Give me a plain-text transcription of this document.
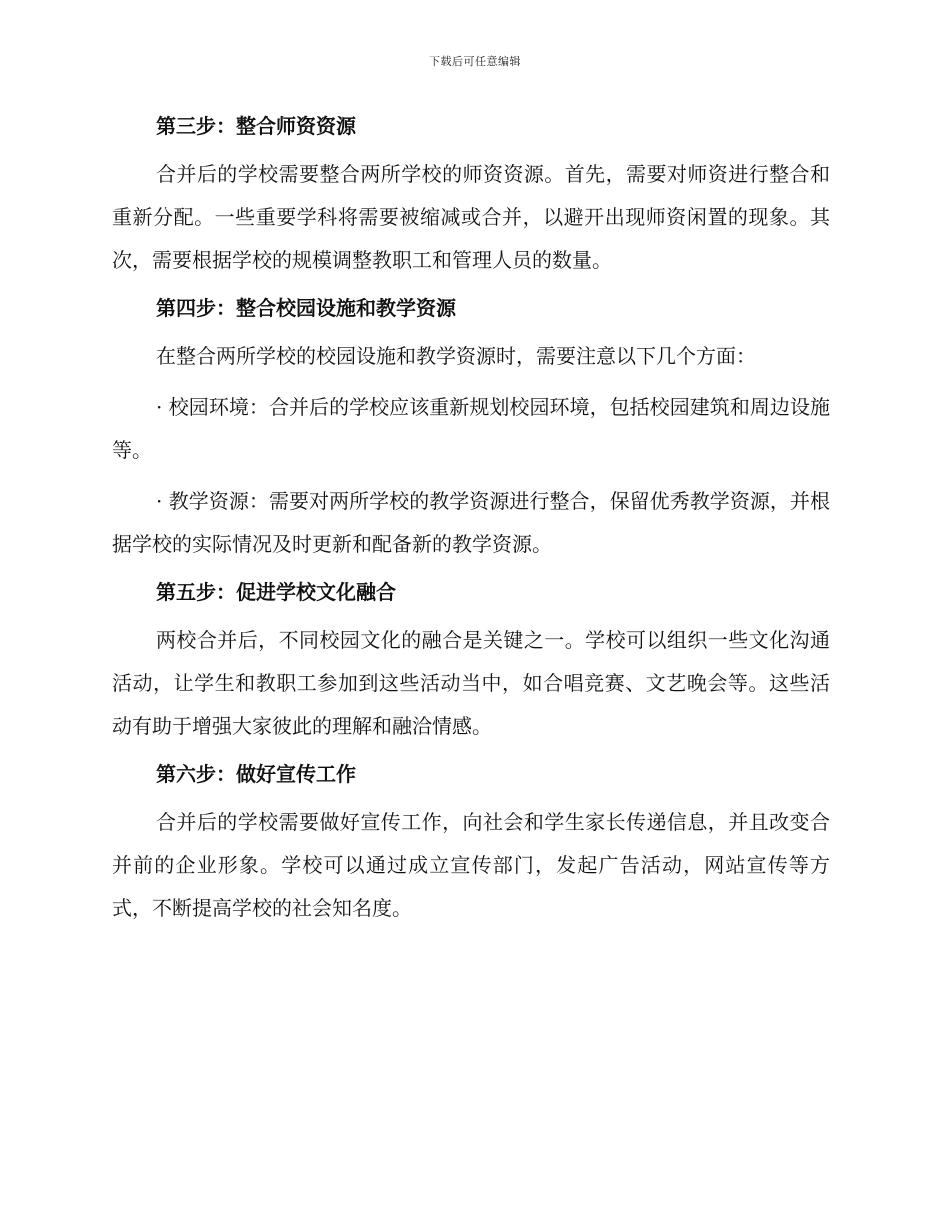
下载后可任意编辑
第三步：整合师资资源

合并后的学校需要整合两所学校的师资资源。首先，需要对师资进行整合和重新分配。一些重要学科将需要被缩减或合并，以避开出现师资闲置的现象。其次，需要根据学校的规模调整教职工和管理人员的数量。

第四步：整合校园设施和教学资源

在整合两所学校的校园设施和教学资源时，需要注意以下几个方面：

· 校园环境：合并后的学校应该重新规划校园环境，包括校园建筑和周边设施等。

· 教学资源：需要对两所学校的教学资源进行整合，保留优秀教学资源，并根据学校的实际情况及时更新和配备新的教学资源。

第五步：促进学校文化融合

两校合并后，不同校园文化的融合是关键之一。学校可以组织一些文化沟通活动，让学生和教职工参加到这些活动当中，如合唱竞赛、文艺晚会等。这些活动有助于增强大家彼此的理解和融洽情感。

第六步：做好宣传工作

合并后的学校需要做好宣传工作，向社会和学生家长传递信息，并且改变合并前的企业形象。学校可以通过成立宣传部门，发起广告活动，网站宣传等方式，不断提高学校的社会知名度。
